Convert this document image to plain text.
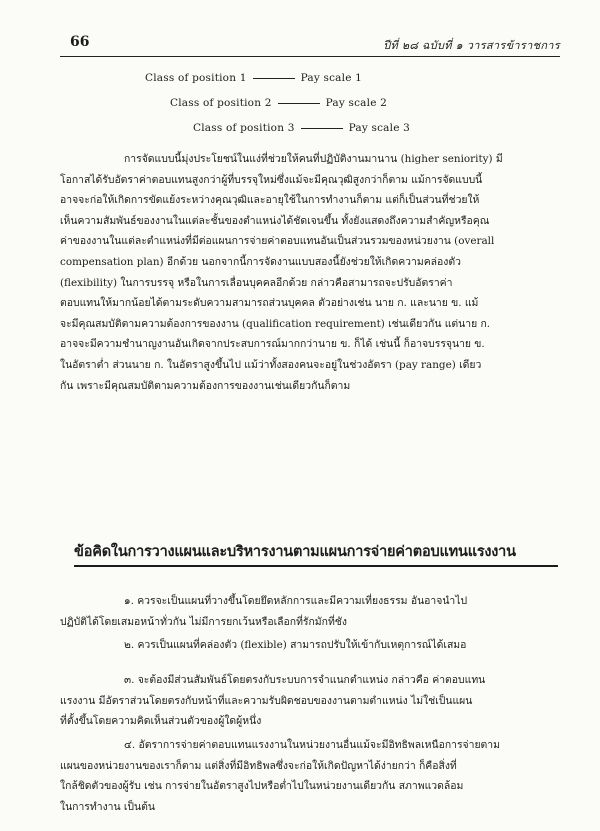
66	ปีที่ ๒๘ ฉบับที่ ๑ วารสารข้าราชการ
Class of position 1	Pay scale 1
Class of position 2	Pay scale 2
Class of position 3	Pay scale 3
การจัดแบบนี้มุ่งประโยชน์ในแง่ที่ช่วยให้คนที่ปฏิบัติงานมานาน (higher seniority) มี
โอกาสได้รับอัตราค่าตอบแทนสูงกว่าผู้ที่บรรจุใหม่ซึ่งแม้จะมีคุณวุฒิสูงกว่าก็ตาม แม้การจัดแบบนี้
อาจจะก่อให้เกิดการขัดแย้งระหว่างคุณวุฒิและอายุใช้ในการทำงานก็ตาม แต่ก็เป็นส่วนที่ช่วยให้
เห็นความสัมพันธ์ของงานในแต่ละชั้นของตำแหน่งได้ชัดเจนขึ้น ทั้งยังแสดงถึงความสำคัญหรือคุณ
ค่าของงานในแต่ละตำแหน่งที่มีต่อแผนการจ่ายค่าตอบแทนอันเป็นส่วนรวมของหน่วยงาน (overall
compensation plan) อีกด้วย นอกจากนี้การจัดงานแบบสองนี้ยังช่วยให้เกิดความคล่องตัว
(flexibility) ในการบรรจุ หรือในการเลื่อนบุคคลอีกด้วย กล่าวคือสามารถจะปรับอัตราค่า
ตอบแทนให้มากน้อยได้ตามระดับความสามารถส่วนบุคคล ตัวอย่างเช่น นาย ก. และนาย ข. แม้
จะมีคุณสมบัติตามความต้องการของงาน (qualification requirement) เช่นเดียวกัน แต่นาย ก.
อาจจะมีความชำนาญงานอันเกิดจากประสบการณ์มากกว่านาย ข. ก็ได้ เช่นนี้ ก็อาจบรรจุนาย ข.
ในอัตราต่ำ ส่วนนาย ก. ในอัตราสูงขึ้นไป แม้ว่าทั้งสองคนจะอยู่ในช่วงอัตรา (pay range) เดียว
กัน เพราะมีคุณสมบัติตามความต้องการของงานเช่นเดียวกันก็ตาม
ข้อคิดในการวางแผนและบริหารงานตามแผนการจ่ายค่าตอบแทนแรงงาน
๑. ควรจะเป็นแผนที่วางขึ้นโดยยึดหลักการและมีความเที่ยงธรรม อันอาจนำไป
ปฏิบัติได้โดยเสมอหน้าทั่วกัน ไม่มีการยกเว้นหรือเลือกที่รักมักที่ชัง
๒. ควรเป็นแผนที่คล่องตัว (flexible) สามารถปรับให้เข้ากับเหตุการณ์ได้เสมอ
๓. จะต้องมีส่วนสัมพันธ์โดยตรงกับระบบการจำแนกตำแหน่ง กล่าวคือ ค่าตอบแทน
แรงงาน มีอัตราส่วนโดยตรงกับหน้าที่และความรับผิดชอบของงานตามตำแหน่ง ไม่ใช่เป็นแผน
ที่ตั้งขึ้นโดยความคิดเห็นส่วนตัวของผู้ใดผู้หนึ่ง
๔. อัตราการจ่ายค่าตอบแทนแรงงานในหน่วยงานอื่นแม้จะมีอิทธิพลเหนือการจ่ายตาม
แผนของหน่วยงานของเราก็ตาม แต่สิ่งที่มีอิทธิพลซึ่งจะก่อให้เกิดปัญหาได้ง่ายกว่า ก็คือสิ่งที่
ใกล้ชิดตัวของผู้รับ เช่น การจ่ายในอัตราสูงไปหรือต่ำไปในหน่วยงานเดียวกัน สภาพแวดล้อม
ในการทำงาน เป็นต้น
